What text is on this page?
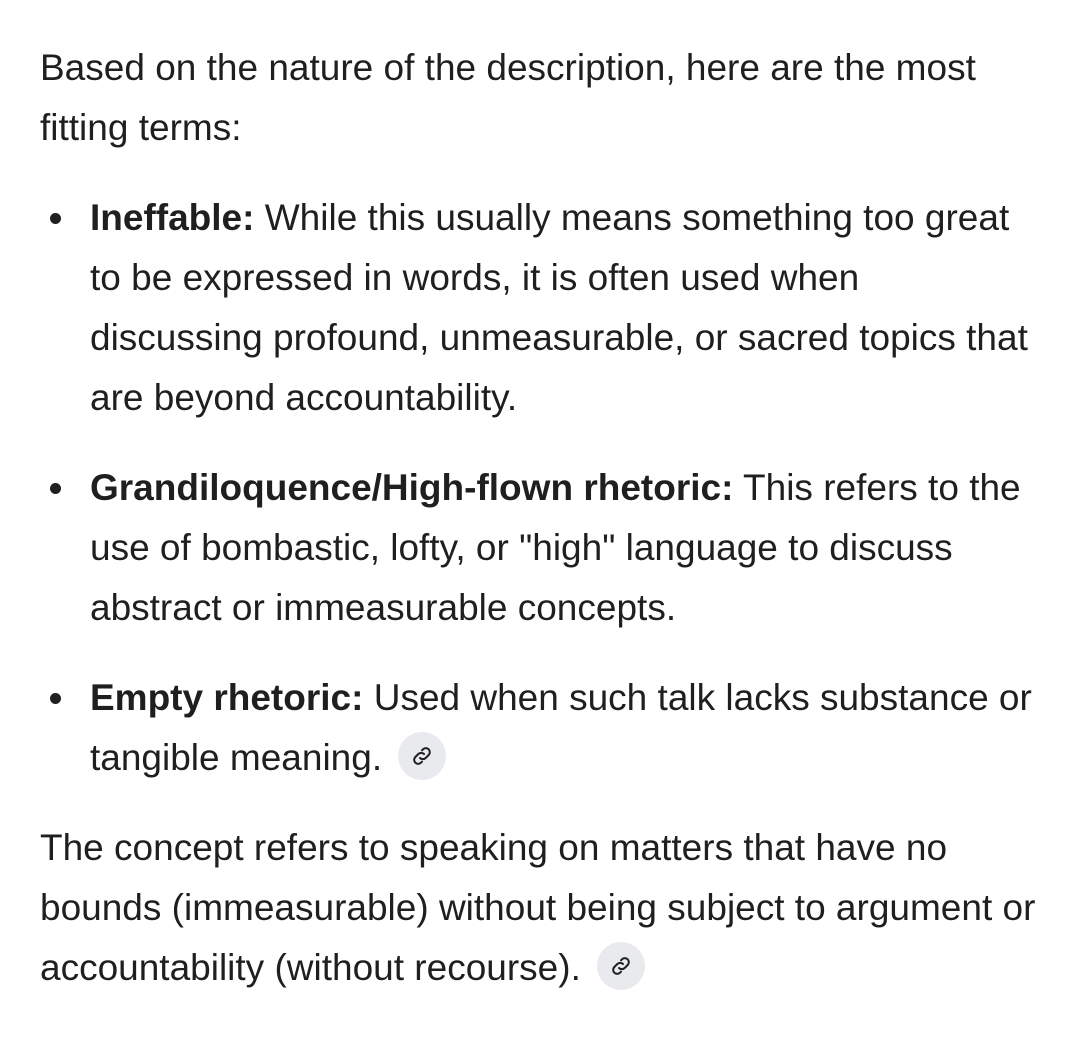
Based on the nature of the description, here are the most fitting terms:

Ineffable: While this usually means something too great to be expressed in words, it is often used when discussing profound, unmeasurable, or sacred topics that are beyond accountability.
Grandiloquence/High-flown rhetoric: This refers to the use of bombastic, lofty, or "high" language to discuss abstract or immeasurable concepts.
Empty rhetoric: Used when such talk lacks substance or tangible meaning.

The concept refers to speaking on matters that have no bounds (immeasurable) without being subject to argument or accountability (without recourse).
